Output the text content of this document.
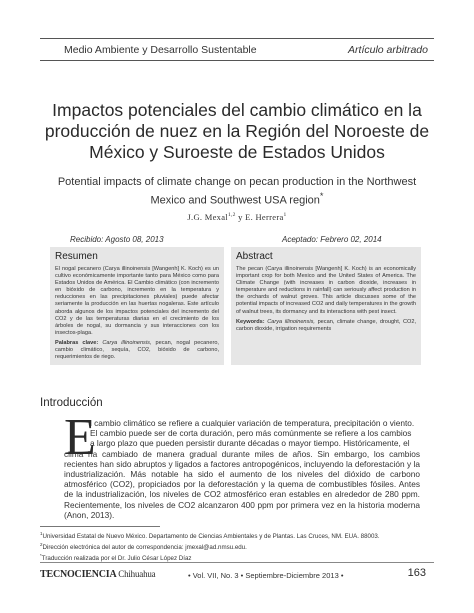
Medio Ambiente y Desarrollo Sustentable	Artículo arbitrado
Impactos potenciales del cambio climático en la producción de nuez en la Región del Noroeste de México y Suroeste de Estados Unidos
Potential impacts of climate change on pecan production in the Northwest Mexico and Southwest USA region*
J.G. Mexal$^{1,2}$ y E. Herrera$^1$
Recibido: Agosto 08, 2013	Aceptado: Febrero 02, 2014
Resumen

El nogal pecanero (Carya illinoinensis [Wangenh] K. Koch) es un cultivo económicamente importante tanto para México como para Estados Unidos de América. El Cambio climático (con incremento en bióxido de carbono, incremento en la temperatura y reducciones en las precipitaciones pluviales) puede afectar seriamente la producción en las huertas nogaleras. Este artículo aborda algunos de los impactos potenciales del incremento del CO2 y de las temperaturas diarias en el crecimiento de los árboles de nogal, su dormancia y sus interacciones con los insectos-plaga.

Palabras clave: Carya illinoinensis, pecan, nogal pecanero, cambio climático, sequía, CO2, bióxido de carbono, requerimientos de riego.

Abstract

The pecan (Carya illinoinensis [Wangenh] K. Koch) is an economically important crop for both Mexico and the United States of America. The Climate Change (with increases in carbon dioxide, increases in temperature and reductions in rainfall) can seriously affect production in the orchards of walnut groves. This article discusses some of the potential impacts of increased CO2 and daily temperatures in the growth of walnut trees, its dormancy and its interactions with pest insect.

Keywords: Carya illinoinensis, pecan, climate change, drought, CO2, carbon dioxide, irrigation requirements

Introducción
E
l cambio climático se refiere a cualquier variación de temperatura, precipitación o viento.
El cambio puede ser de corta duración, pero más comúnmente se refiere a los cambios
a largo plazo que pueden persistir durante décadas o mayor tiempo. Históricamente, el
clima ha cambiado de manera gradual durante miles de años. Sin embargo, los cambios recientes han sido abruptos y ligados a factores antropogénicos, incluyendo la deforestación y la industrialización. Más notable ha sido el aumento de los niveles del dióxido de carbono atmosférico (CO2), propiciados por la deforestación y la quema de combustibles fósiles. Antes de la industrialización, los niveles de CO2 atmosférico eran estables en alrededor de 280 ppm. Recientemente, los niveles de CO2 alcanzaron 400 ppm por primera vez en la historia moderna (Anon, 2013).
$^1$Universidad Estatal de Nuevo México. Departamento de Ciencias Ambientales y de Plantas. Las Cruces, NM. EUA. 88003.
$^2$Dirección electrónica del autor de correspondencia: jmexal@ad.nmsu.edu.
*Traducción realizada por el Dr. Julio César López Díaz
TECNOCIENCIA Chihuahua	• Vol. VII, No. 3 • Septiembre-Diciembre 2013 •	163
